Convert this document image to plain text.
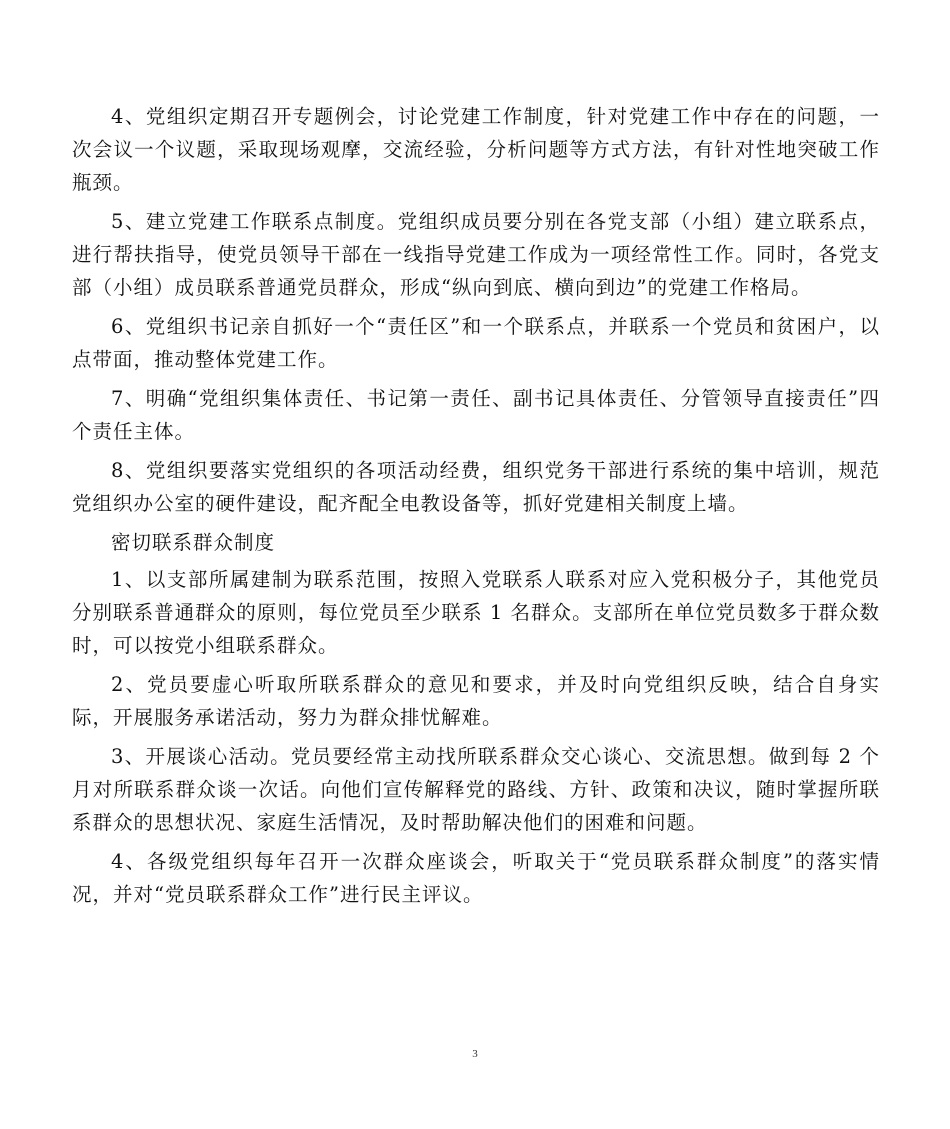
4、党组织定期召开专题例会，讨论党建工作制度，针对党建工作中存在的问题，一次会议一个议题，采取现场观摩，交流经验，分析问题等方式方法，有针对性地突破工作瓶颈。

5、建立党建工作联系点制度。党组织成员要分别在各党支部（小组）建立联系点，进行帮扶指导，使党员领导干部在一线指导党建工作成为一项经常性工作。同时，各党支部（小组）成员联系普通党员群众，形成“纵向到底、横向到边”的党建工作格局。

6、党组织书记亲自抓好一个“责任区”和一个联系点，并联系一个党员和贫困户，以点带面，推动整体党建工作。

7、明确“党组织集体责任、书记第一责任、副书记具体责任、分管领导直接责任”四个责任主体。

8、党组织要落实党组织的各项活动经费，组织党务干部进行系统的集中培训，规范党组织办公室的硬件建设，配齐配全电教设备等，抓好党建相关制度上墙。

密切联系群众制度

1、以支部所属建制为联系范围，按照入党联系人联系对应入党积极分子，其他党员分别联系普通群众的原则，每位党员至少联系 1 名群众。支部所在单位党员数多于群众数时，可以按党小组联系群众。

2、党员要虚心听取所联系群众的意见和要求，并及时向党组织反映，结合自身实际，开展服务承诺活动，努力为群众排忧解难。

3、开展谈心活动。党员要经常主动找所联系群众交心谈心、交流思想。做到每 2 个月对所联系群众谈一次话。向他们宣传解释党的路线、方针、政策和决议，随时掌握所联系群众的思想状况、家庭生活情况，及时帮助解决他们的困难和问题。

4、各级党组织每年召开一次群众座谈会，听取关于“党员联系群众制度”的落实情况，并对“党员联系群众工作”进行民主评议。

3
